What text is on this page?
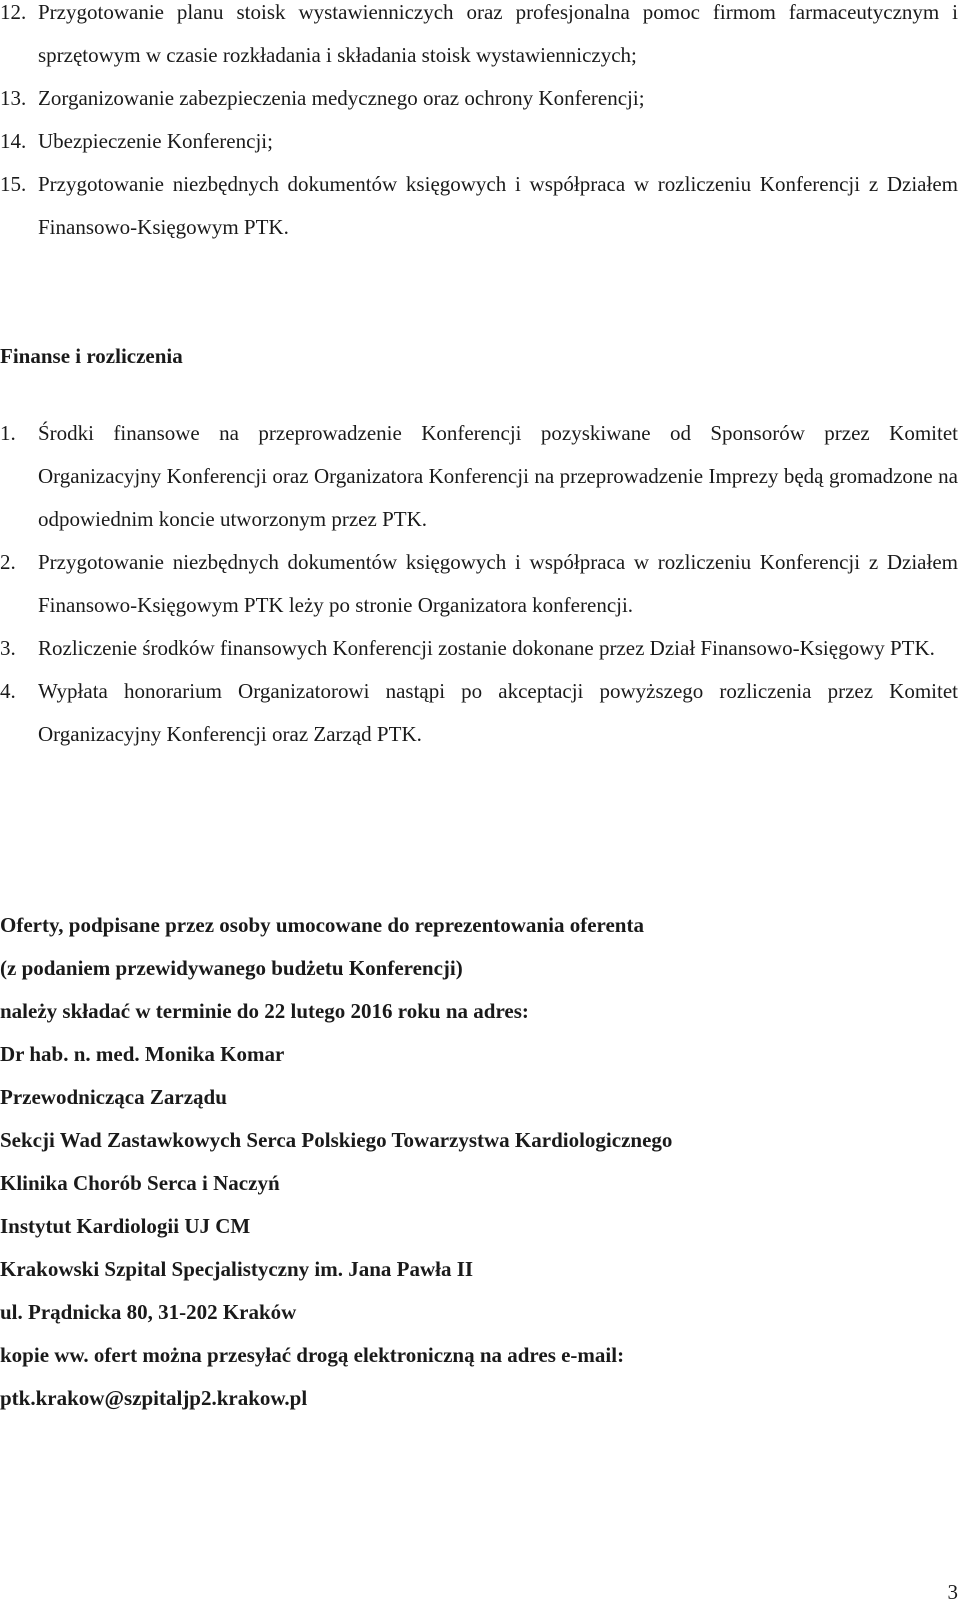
12. Przygotowanie planu stoisk wystawienniczych oraz profesjonalna pomoc firmom farmaceutycznym i sprzętowym w czasie rozkładania i składania stoisk wystawienniczych;
13. Zorganizowanie zabezpieczenia medycznego oraz ochrony Konferencji;
14. Ubezpieczenie Konferencji;
15. Przygotowanie niezbędnych dokumentów księgowych i współpraca w rozliczeniu Konferencji z Działem Finansowo-Księgowym PTK.
Finanse i rozliczenia
1. Środki finansowe na przeprowadzenie Konferencji pozyskiwane od Sponsorów przez Komitet Organizacyjny Konferencji oraz Organizatora Konferencji na przeprowadzenie Imprezy będą gromadzone na odpowiednim koncie utworzonym przez PTK.
2. Przygotowanie niezbędnych dokumentów księgowych i współpraca w rozliczeniu Konferencji z Działem Finansowo-Księgowym PTK leży po stronie Organizatora konferencji.
3. Rozliczenie środków finansowych Konferencji zostanie dokonane przez Dział Finansowo-Księgowy PTK.
4. Wypłata honorarium Organizatorowi nastąpi po akceptacji powyższego rozliczenia przez Komitet Organizacyjny Konferencji oraz Zarząd PTK.
Oferty, podpisane przez osoby umocowane do reprezentowania oferenta
(z podaniem przewidywanego budżetu Konferencji)
należy składać w terminie do 22 lutego 2016 roku na adres:
Dr hab. n. med. Monika Komar
Przewodnicząca Zarządu
Sekcji Wad Zastawkowych Serca Polskiego Towarzystwa Kardiologicznego
Klinika Chorób Serca i Naczyń
Instytut Kardiologii UJ CM
Krakowski Szpital Specjalistyczny im. Jana Pawła II
ul. Prądnicka 80, 31-202 Kraków
kopie ww. ofert można przesyłać drogą elektroniczną na adres e-mail:
ptk.krakow@szpitaljp2.krakow.pl
3
